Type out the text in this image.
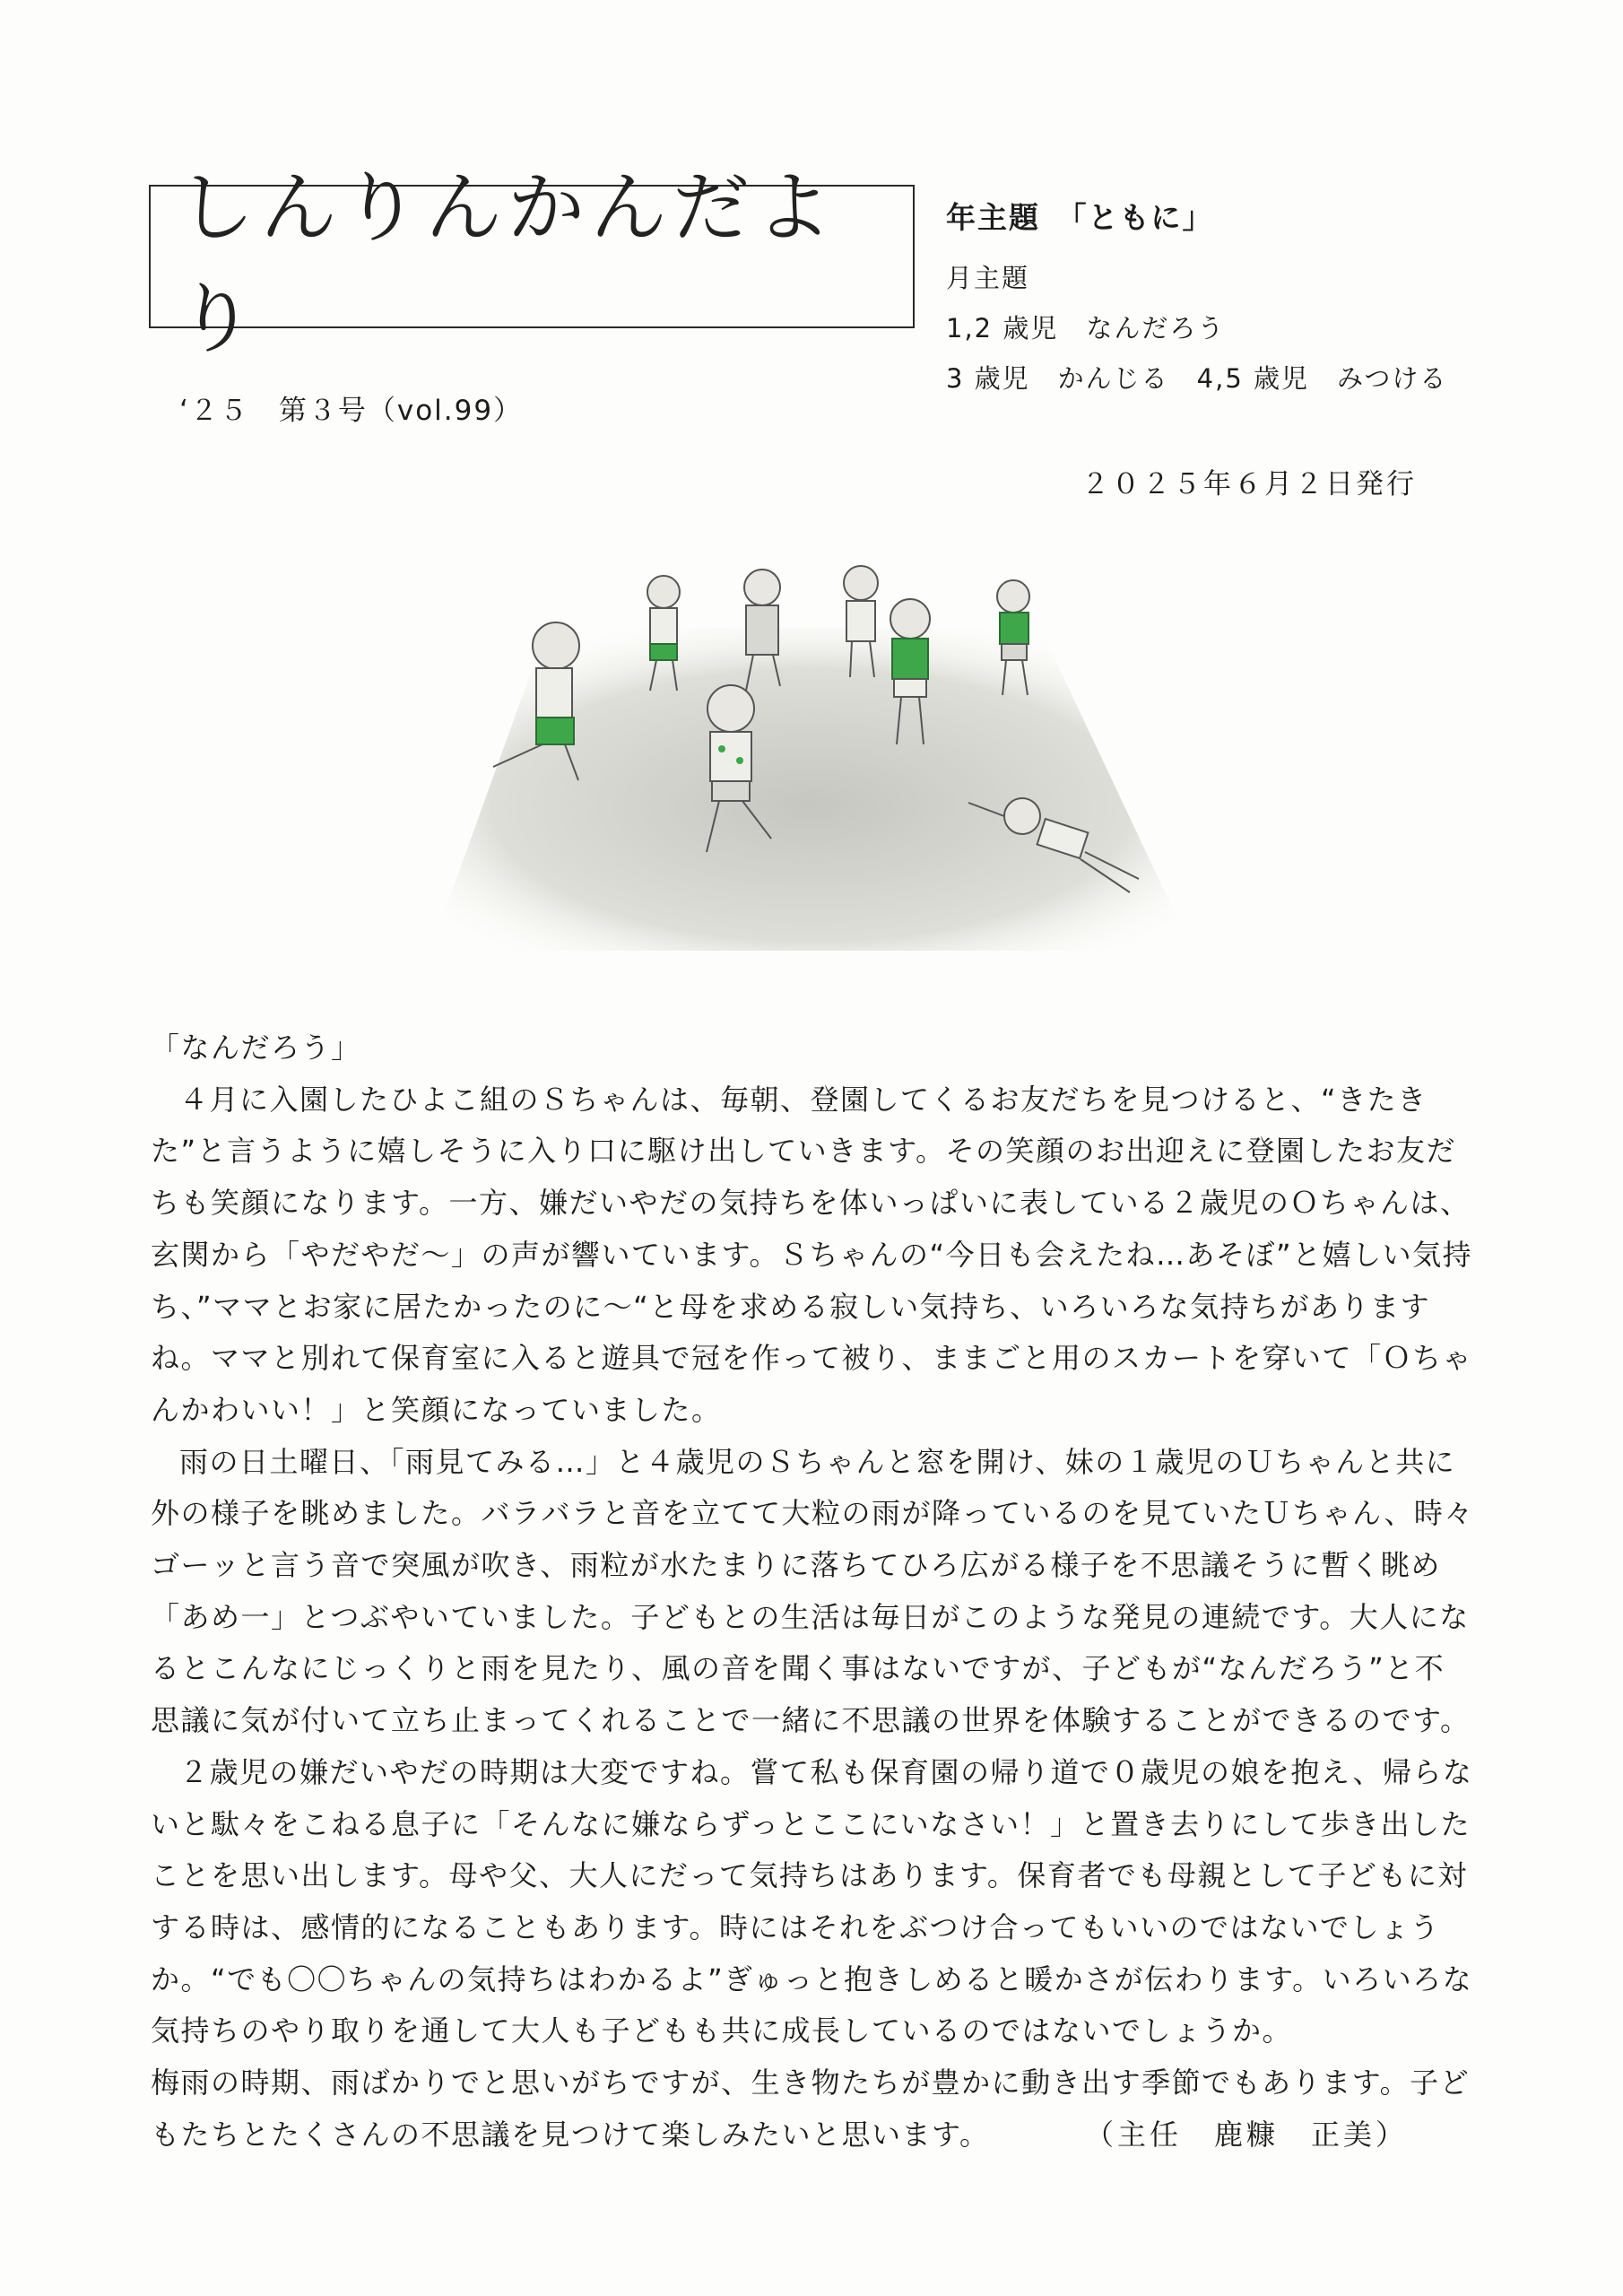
しんりんかんだより
‘２５　第３号（vol.99）
年主題　「ともに」
月主題
1,2 歳児　なんだろう
3 歳児　かんじる　4,5 歳児　みつける
２０２５年６月２日発行

「なんだろう」

４月に入園したひよこ組のＳちゃんは、毎朝、登園してくるお友だちを見つけると、“きたきた”と言うように嬉しそうに入り口に駆け出していきます。その笑顔のお出迎えに登園したお友だちも笑顔になります。一方、嫌だいやだの気持ちを体いっぱいに表している２歳児のＯちゃんは、玄関から「やだやだ～」の声が響いています。Ｓちゃんの“今日も会えたね…あそぼ”と嬉しい気持ち、”ママとお家に居たかったのに～“と母を求める寂しい気持ち、いろいろな気持ちがありますね。ママと別れて保育室に入ると遊具で冠を作って被り、ままごと用のスカートを穿いて「Ｏちゃんかわいい！」と笑顔になっていました。

雨の日土曜日、「雨見てみる…」と４歳児のＳちゃんと窓を開け、妹の１歳児のＵちゃんと共に外の様子を眺めました。バラバラと音を立てて大粒の雨が降っているのを見ていたＵちゃん、時々ゴーッと言う音で突風が吹き、雨粒が水たまりに落ちてひろ広がる様子を不思議そうに暫く眺め「あめ一」とつぶやいていました。子どもとの生活は毎日がこのような発見の連続です。大人になるとこんなにじっくりと雨を見たり、風の音を聞く事はないですが、子どもが“なんだろう”と不思議に気が付いて立ち止まってくれることで一緒に不思議の世界を体験することができるのです。

２歳児の嫌だいやだの時期は大変ですね。嘗て私も保育園の帰り道で０歳児の娘を抱え、帰らないと駄々をこねる息子に「そんなに嫌ならずっとここにいなさい！」と置き去りにして歩き出したことを思い出します。母や父、大人にだって気持ちはあります。保育者でも母親として子どもに対する時は、感情的になることもあります。時にはそれをぶつけ合ってもいいのではないでしょうか。“でも〇〇ちゃんの気持ちはわかるよ”ぎゅっと抱きしめると暖かさが伝わります。いろいろな気持ちのやり取りを通して大人も子どもも共に成長しているのではないでしょうか。

梅雨の時期、雨ばかりでと思いがちですが、生き物たちが豊かに動き出す季節でもあります。子どもたちとたくさんの不思議を見つけて楽しみたいと思います。	（主任　鹿糠　正美）
